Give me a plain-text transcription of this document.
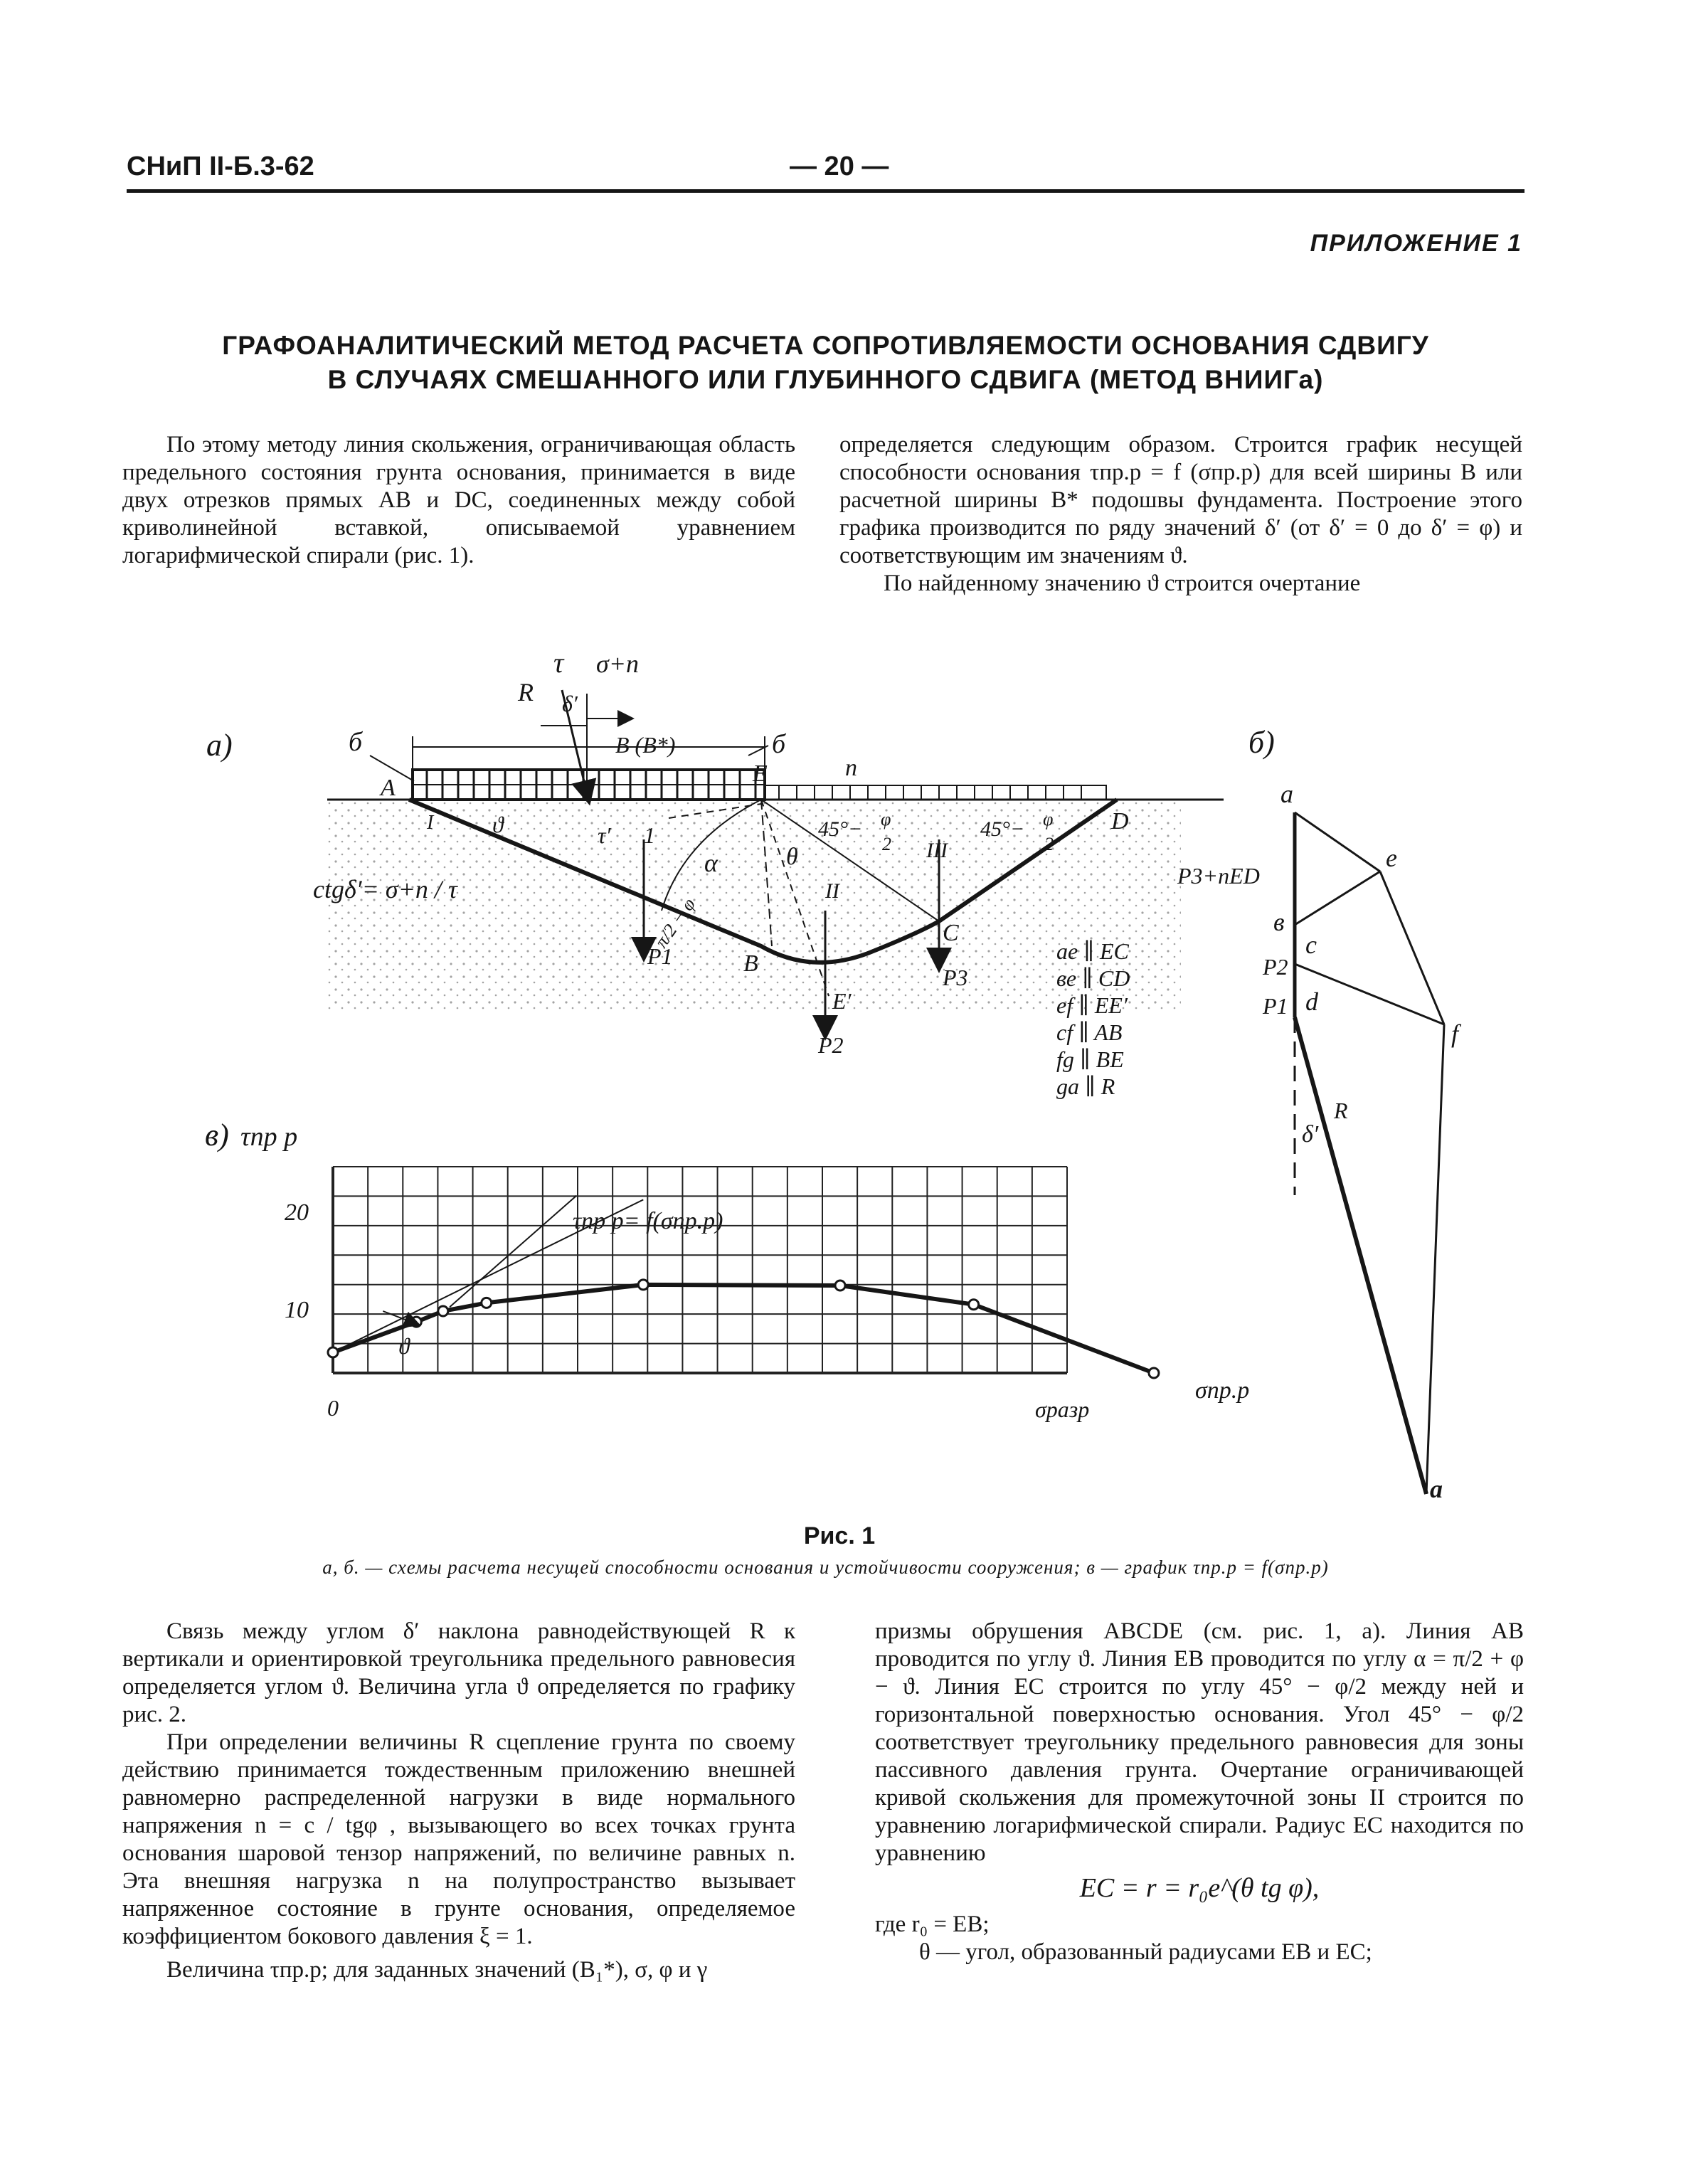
СНиП II-Б.3-62	— 20 —
ПРИЛОЖЕНИЕ 1
ГРАФОАНАЛИТИЧЕСКИЙ МЕТОД РАСЧЕТА СОПРОТИВЛЯЕМОСТИ ОСНОВАНИЯ СДВИГУ
В СЛУЧАЯХ СМЕШАННОГО ИЛИ ГЛУБИННОГО СДВИГА (МЕТОД ВНИИГа)

По этому методу линия скольжения, ограничивающая область предельного состояния грунта основания, принимается в виде двух отрезков прямых AB и DC, соединенных между собой криволинейной вставкой, описываемой уравнением логарифмической спирали (рис. 1).

определяется следующим образом. Строится график несущей способности основания τпр.р = f (σпр.р) для всей ширины B или расчетной ширины B* подошвы фундамента. Построение этого графика производится по ряду значений δ′ (от δ′ = 0 до δ′ = φ) и соответствующим им значениям ϑ.

По найденному значению ϑ строится очертание

а)	B (B*)
б	б
R
τ σ+n
δ′
A
E	n
D
ϑ	τ′ 1
α	θ
45°− φ
2
45°− φ
2
I
II
III
π/2 − φ
B
C
E′
P1
P2
P3
ctgδ′= σ+n / τ
ae ∥ EC
вe ∥ CD
ef ∥ EE′
cf ∥ AB
fg ∥ BE
ga ∥ R
б)
a
e
P3+nED
в
c
P2
d
P1
f
δ′
R
a
в) τпр р
20
10
0
σпр.р
σразр
τпр р= f(σпр.р)
ϑ
Рис. 1
а, б. — схемы расчета несущей способности основания и устойчивости сооружения; в — график τпр.р = f(σпр.р)

Связь между углом δ′ наклона равнодействующей R к вертикали и ориентировкой треугольника предельного равновесия определяется углом ϑ. Величина угла ϑ определяется по графику рис. 2.

При определении величины R сцепление грунта по своему действию принимается тождественным приложению внешней равномерно распределенной нагрузки в виде нормального напряжения n = c / tgφ , вызывающего во всех точках грунта основания шаровой тензор напряжений, по величине равных n. Эта внешняя нагрузка n на полупространство вызывает напряженное состояние в грунте основания, определяемое коэффициентом бокового давления ξ = 1.

Величина τпр.р; для заданных значений (B₁*), σ, φ и γ

призмы обрушения ABCDE (см. рис. 1, а). Линия AB проводится по углу ϑ. Линия EB проводится по углу α = π/2 + φ − ϑ. Линия EC строится по углу 45° − φ/2 между ней и горизонтальной поверхностью основания. Угол 45° − φ/2 соответствует треугольнику предельного равновесия для зоны пассивного давления грунта. Очертание ограничивающей кривой скольжения для промежуточной зоны II строится по уравнению логарифмической спирали. Радиус EC находится по уравнению

EC = r = r₀e^(θ tg φ),

где r₀ = EB;

θ — угол, образованный радиусами EB и EC;
